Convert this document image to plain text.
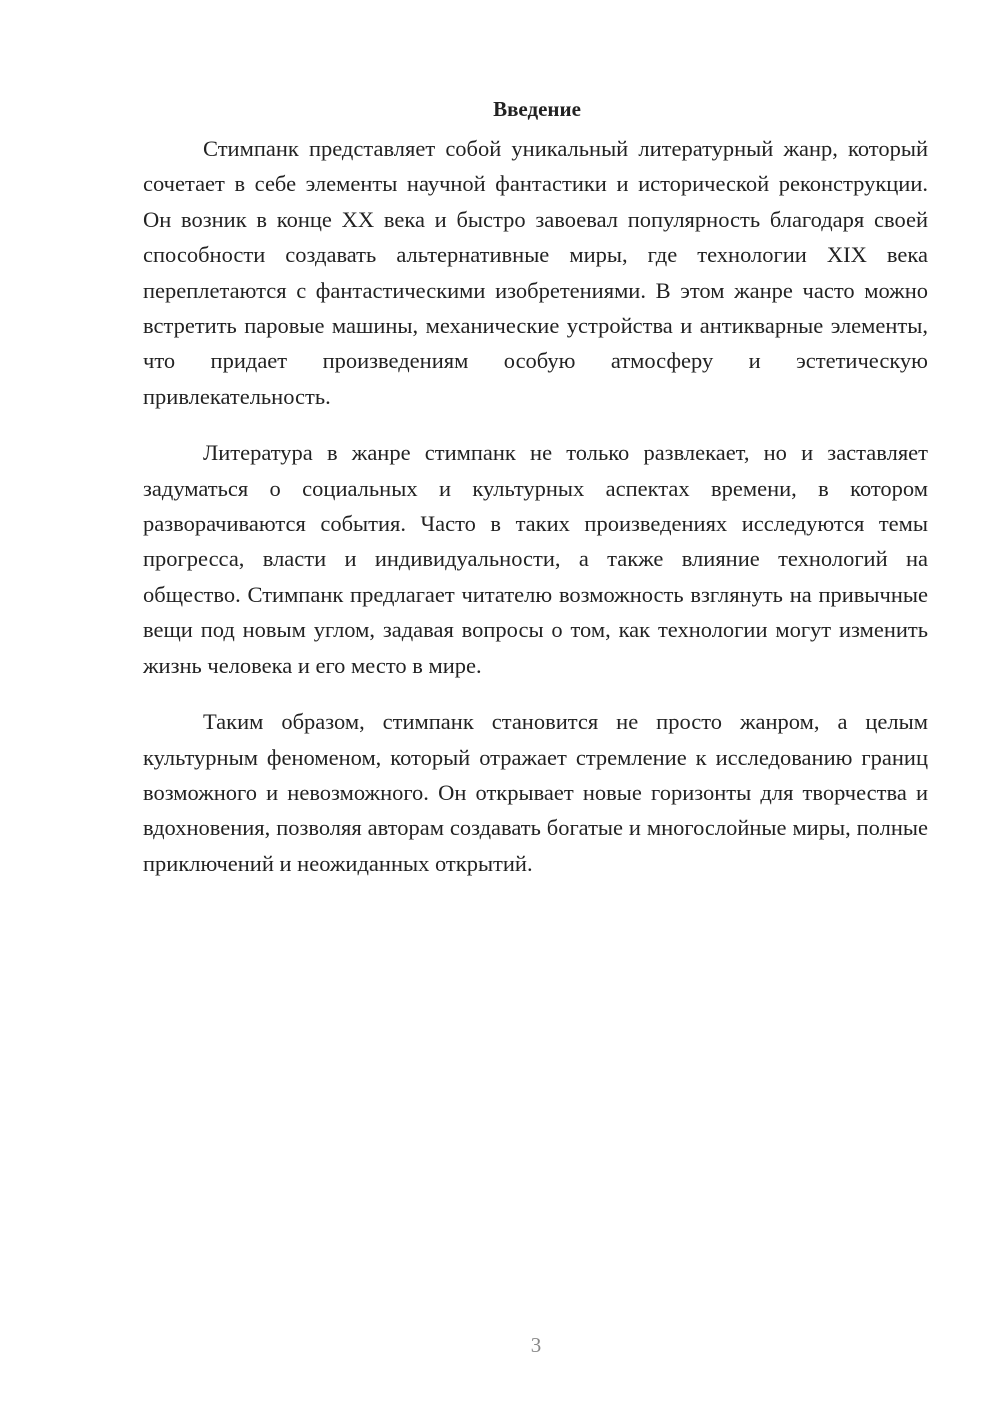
Введение

Стимпанк представляет собой уникальный литературный жанр, который сочетает в себе элементы научной фантастики и исторической реконструкции. Он возник в конце XX века и быстро завоевал популярность благодаря своей способности создавать альтернативные миры, где технологии XIX века переплетаются с фантастическими изобретениями. В этом жанре часто можно встретить паровые машины, механические устройства и антикварные элементы, что придает произведениям особую атмосферу и эстетическую привлекательность.

Литература в жанре стимпанк не только развлекает, но и заставляет задуматься о социальных и культурных аспектах времени, в котором разворачиваются события. Часто в таких произведениях исследуются темы прогресса, власти и индивидуальности, а также влияние технологий на общество. Стимпанк предлагает читателю возможность взглянуть на привычные вещи под новым углом, задавая вопросы о том, как технологии могут изменить жизнь человека и его место в мире.

Таким образом, стимпанк становится не просто жанром, а целым культурным феноменом, который отражает стремление к исследованию границ возможного и невозможного. Он открывает новые горизонты для творчества и вдохновения, позволяя авторам создавать богатые и многослойные миры, полные приключений и неожиданных открытий.

3
